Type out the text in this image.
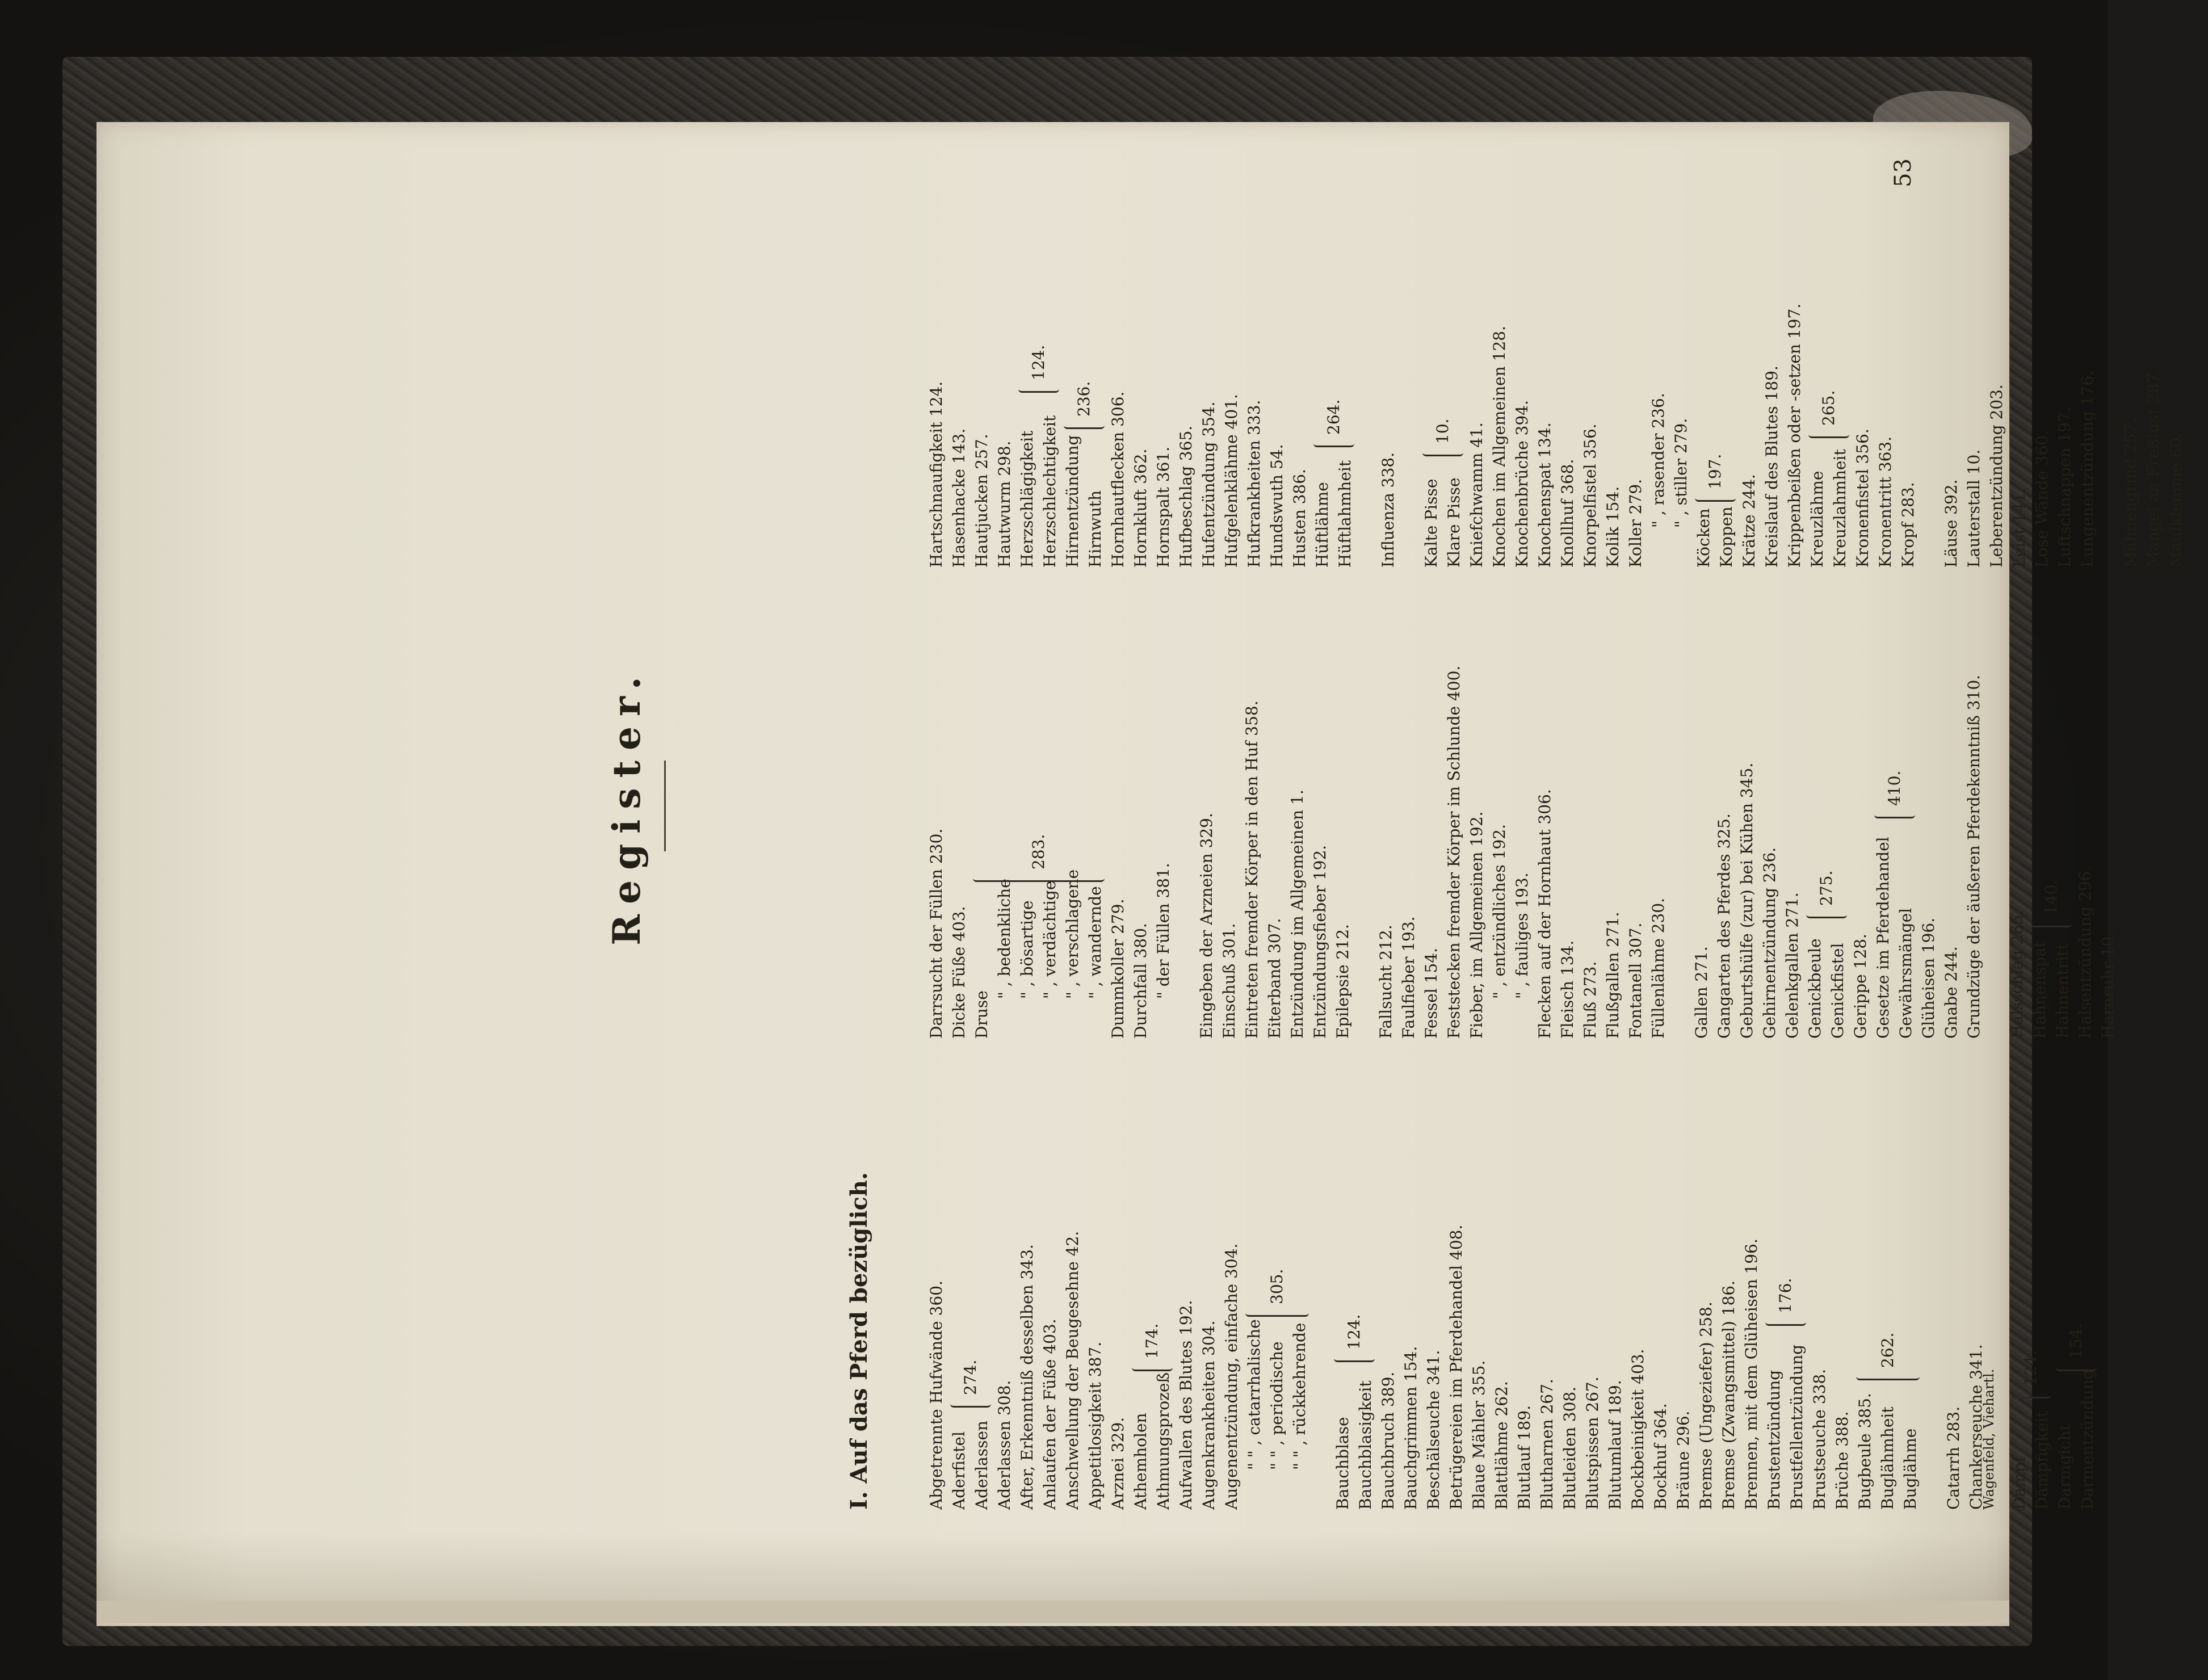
Register.
I. Auf das Pferd bezüglich.	Abgetrennte Hufwände 360. Aderfistel Aderlassen Aderlassen 308. After, Erkenntniß desselben 343. Anlaufen der Füße 403. Anschwellung der Beugesehne 42. Appetitlosigkeit 387. Arznei 329. Athemholen Athmungsprozeß Aufwallen des Blutes 192. Augenkrankheiten 304. Augenentzündung, einfache 304. " " , catarrhalische " " , periodische " " , rückkehrende
274.
174.
305.
Bauchblase Bauchblasigkeit Bauchbruch 389. Bauchgrimmen 154. Beschälseuche 341. Betrügereien im Pferdehandel 408. Blaue Mähler 355. Blattlähme 262. Blutlauf 189. Blutharnen 267. Blutleiden 308. Blutspissen 267. Blutumlauf 189. Bockbeinigkeit 403. Bockhuf 364. Bräune 296. Bremse (Ungeziefer) 258. Bremse (Zwangsmittel) 186. Brennen, mit dem Glüheisen 196. Brustentzündung Brustfellentzündung Brustseuche 338. Brüche 388. Bugbeule 385. Buglähmheit Buglähme
124.
176.
262.
Catarrh 283. Chankerseuche 341. Dampf Dämpfigkeit Darmgicht Darmentzündung
124.
154.
Darrsucht der Füllen 230. Dicke Füße 403. Druse
" , bedenkliche " , bösartige " , verdächtige " , verschlagene " , wandernde Dummkoller 279. Durchfall 380. " der Füllen 381.
283.	Eingeben der Arzneien 329. Einschuß 301. Eintreten fremder Körper in den Huf 358. Eiterband 307. Entzündung im Allgemeinen 1. Entzündungsfieber 192. Epilepsie 212. Fallsucht 212. Faulfieber 193. Fessel 154. Feststecken fremder Körper im Schlunde 400. Fieber, im Allgemeinen 192. " , entzündliches 192. " , fauliges 193. Flecken auf der Hornhaut 306. Fleisch 134. Fluß 273. Flußgallen 271. Fontanell 307. Füllenlähme 230. Gallen 271. Gangarten des Pferdes 325. Geburtshülfe (zur) bei Kühen 345. Gehirnentzündung 236. Gelenkgallen 271. Genickbeule Genickfistel Gerippe 128. Gesetze im Pferdehandel Gewährsmängel Glüheisen 196. Gnabe 244. Grundzüge der äußeren Pferdekenntniß 310.
275.
410.
Halsschlag 265. Hahnenspat Hahnentritt Halsentzündung 296. Harnruhr 10.
140.
Hartschnaufigkeit 124. Hasenhacke 143. Hautjucken 257. Hautwurm 298. Herzschlägigkeit Herzschlechtigkeit Hirnentzündung Hirnwuth Hornhautflecken 306. Hornkluft 362. Hornspalt 361. Hufbeschlag 365. Hufentzündung 354. Hufgelenklähme 401. Hufkrankheiten 333. Hundswuth 54. Husten 386. Hüftlähme Hüftlahmheit
124.
236.
264.
Influenza 338. Kalte Pisse Klare Pisse Kniefchwamm 41. Knochen im Allgemeinen 128. Knochenbrüche 394. Knochenspat 134. Knollhuf 368. Knorpelfistel 356. Kolik 154. Koller 279. " , rasender 236. " , stiller 279.
Köcken Koppen Krätze 244. Kreislauf des Blutes 189. Krippenbeißen oder -setzen 197. Kreuzlähme Kreuzlahmheit Kronenfistel 356. Kronentritt 363. Kropf 283.
10.
197.
265.
Läuse 392. Lauterstall 10. Leberentzündung 203. Leist 141. Lose Wände 360. Luftschnappen 197. Lungenentzündung 176. Mähnengrind 257. Mangel an Freßlust 287. Maulklemme 60.
53
Wagenfeld, Viehartl.
